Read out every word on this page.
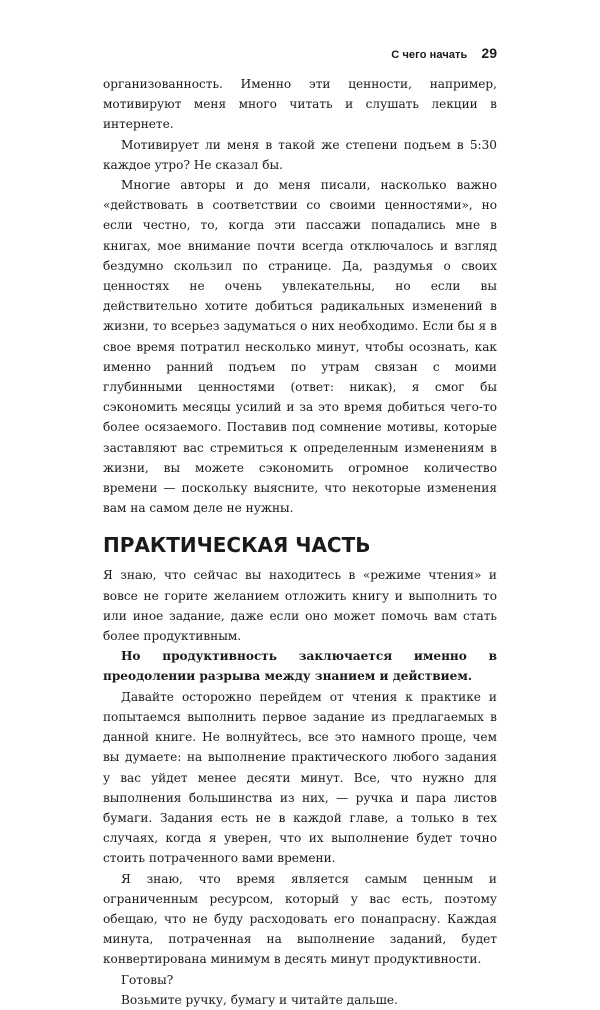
С чего начать 29

организованность. Именно эти ценности, например, мотивируют меня много читать и слушать лекции в интернете.

Мотивирует ли меня в такой же степени подъем в 5:30 каждое утро? Не сказал бы.

Многие авторы и до меня писали, насколько важно «действовать в соответствии со своими ценностями», но если честно, то, когда эти пассажи попадались мне в книгах, мое внимание почти всегда отключалось и взгляд бездумно скользил по странице. Да, раздумья о своих ценностях не очень увлекательны, но если вы действительно хотите добиться радикальных изменений в жизни, то всерьез задуматься о них необходимо. Если бы я в свое время потратил несколько минут, чтобы осознать, как именно ранний подъем по утрам связан с моими глубинными ценностями (ответ: никак), я смог бы сэкономить месяцы усилий и за это время добиться чего-то более осязаемого. Поставив под сомнение мотивы, которые заставляют вас стремиться к определенным изменениям в жизни, вы можете сэкономить огромное количество времени — поскольку выясните, что некоторые изменения вам на самом деле не нужны.

ПРАКТИЧЕСКАЯ ЧАСТЬ

Я знаю, что сейчас вы находитесь в «режиме чтения» и вовсе не горите желанием отложить книгу и выполнить то или иное задание, даже если оно может помочь вам стать более продуктивным.

Но продуктивность заключается именно в преодолении разрыва между знанием и действием.

Давайте осторожно перейдем от чтения к практике и попытаемся выполнить первое задание из предлагаемых в данной книге. Не волнуйтесь, все это намного проще, чем вы думаете: на выполнение практического любого задания у вас уйдет менее десяти минут. Все, что нужно для выполнения большинства из них, — ручка и пара листов бумаги. Задания есть не в каждой главе, а только в тех случаях, когда я уверен, что их выполнение будет точно стоить потраченного вами времени.

Я знаю, что время является самым ценным и ограниченным ресурсом, который у вас есть, поэтому обещаю, что не буду расходовать его понапрасну. Каждая минута, потраченная на выполнение заданий, будет конвертирована минимум в десять минут продуктивности.

Готовы?

Возьмите ручку, бумагу и читайте дальше.
